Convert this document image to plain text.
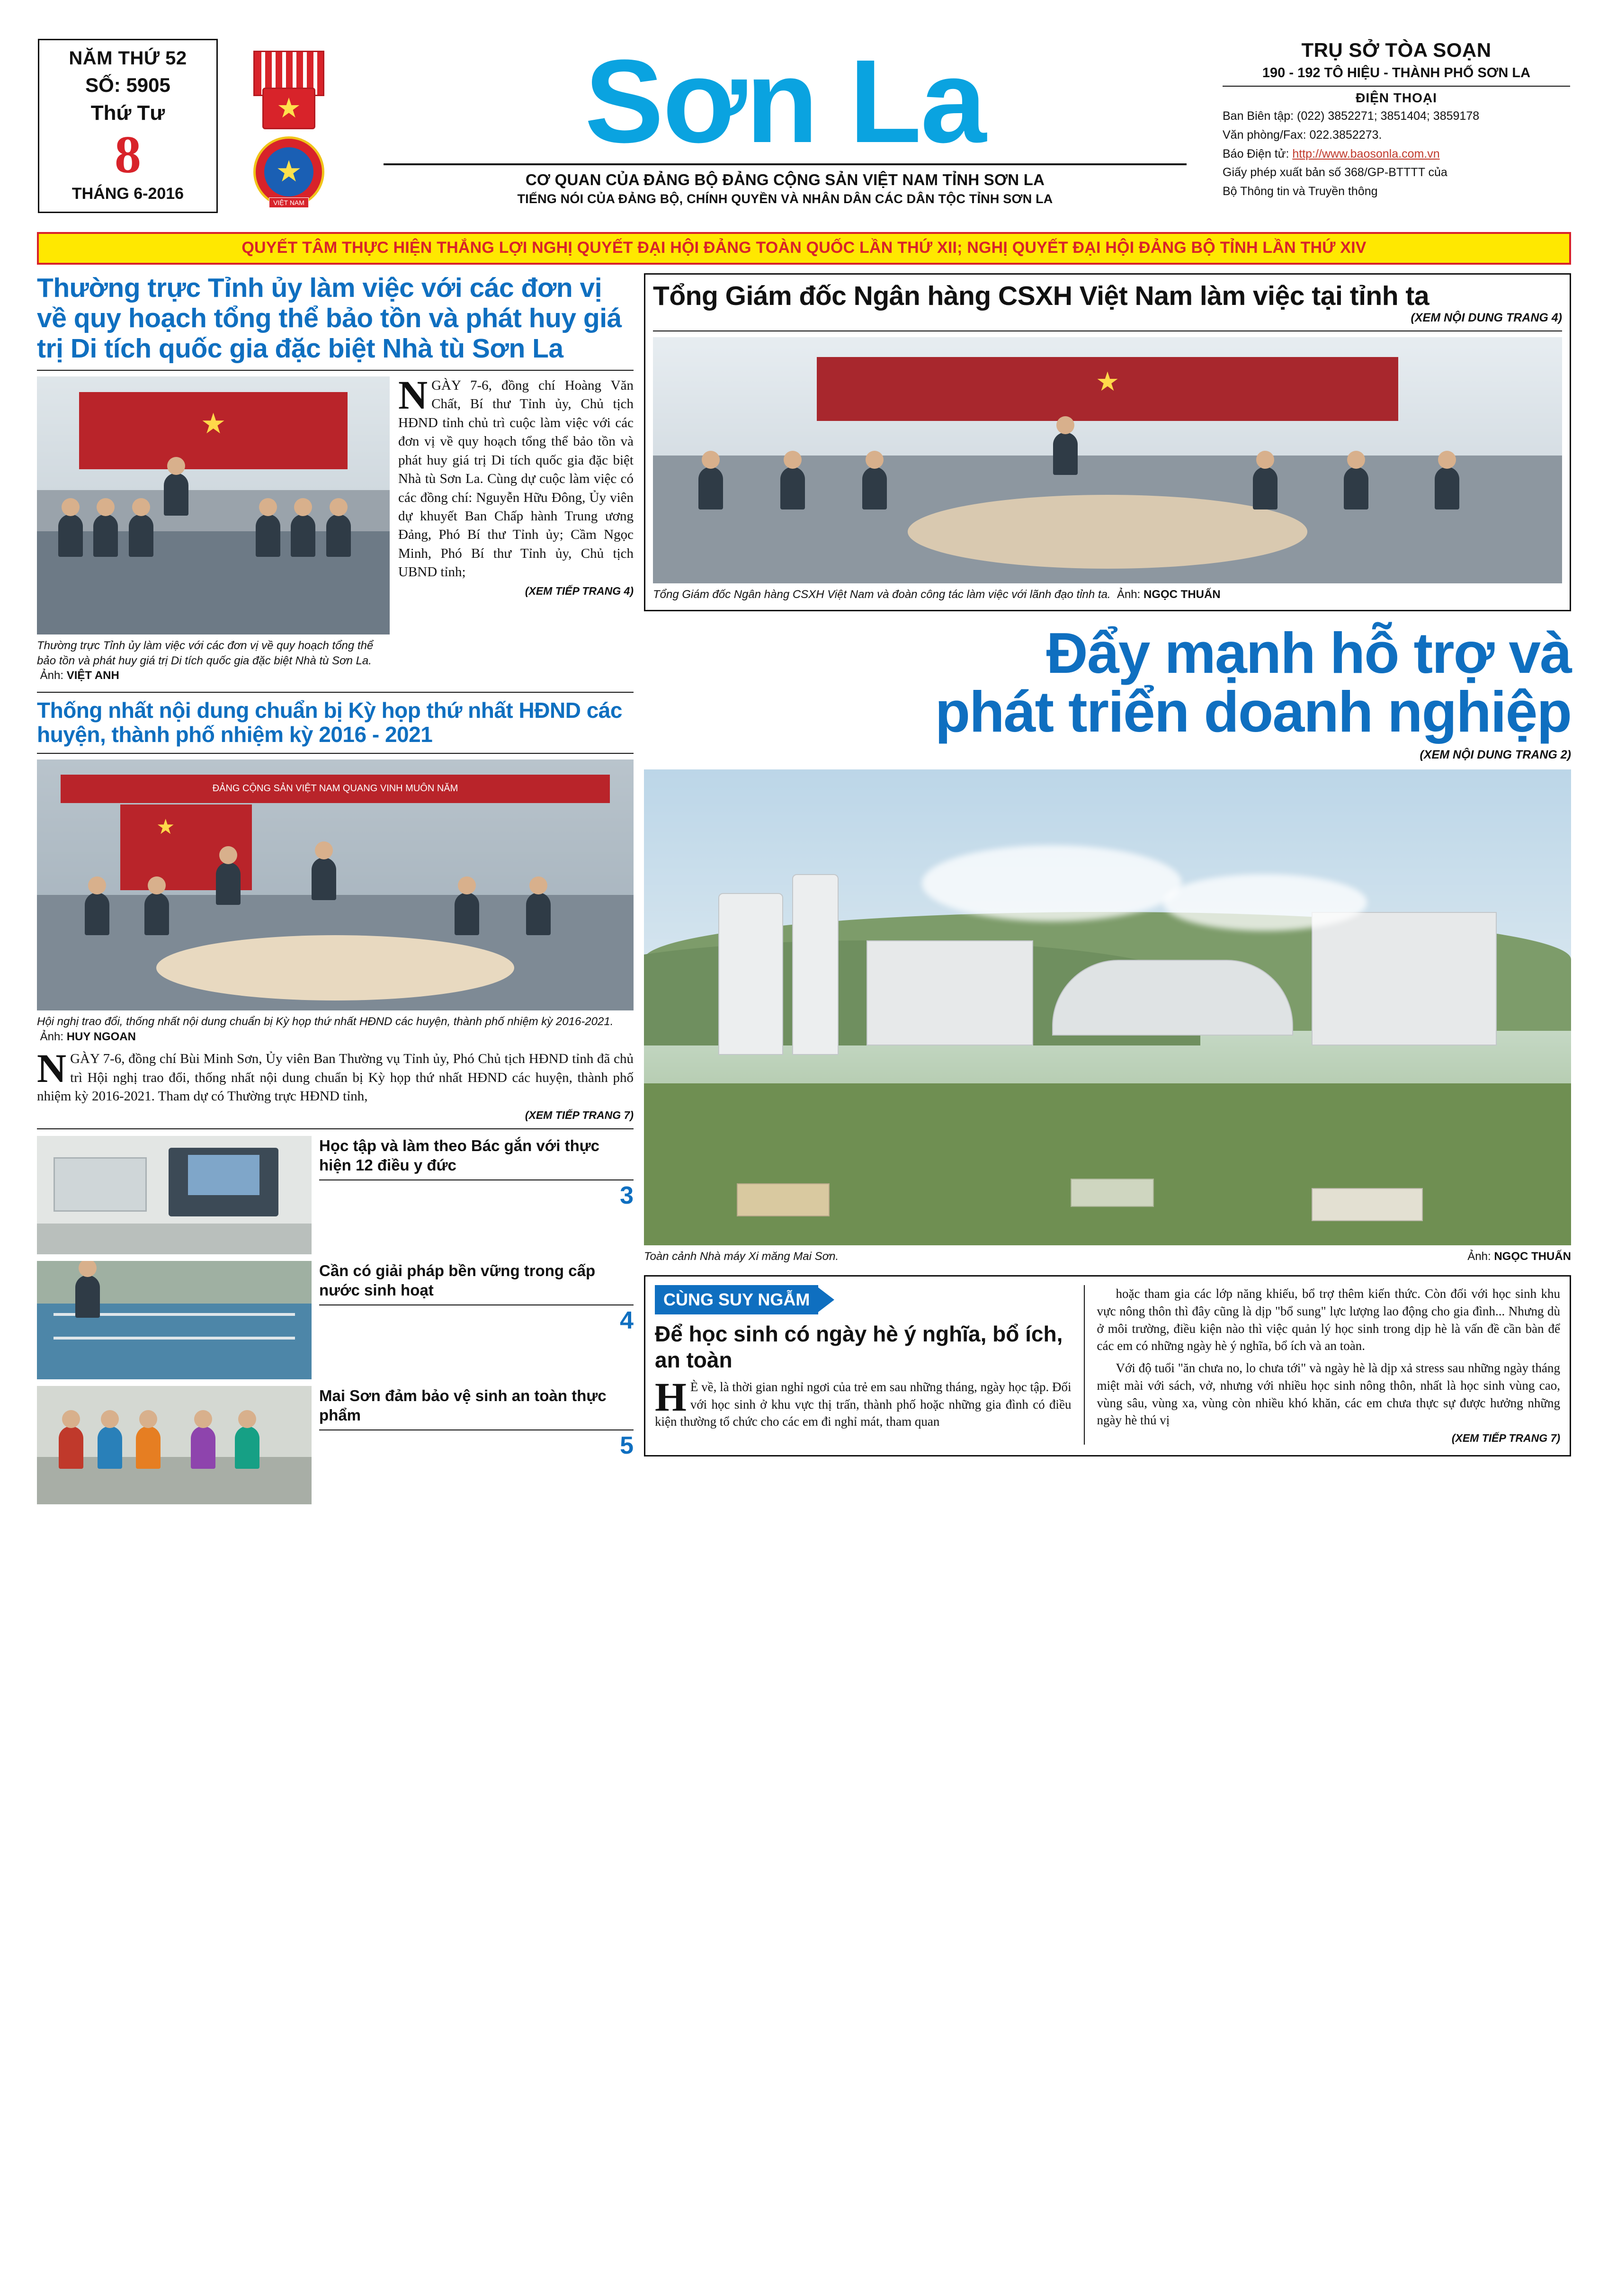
NĂM THỨ 52
SỐ: 5905
Thứ Tư
8
THÁNG 6-2016
★
★	VIỆT NAM
Sơn La
CƠ QUAN CỦA ĐẢNG BỘ ĐẢNG CỘNG SẢN VIỆT NAM TỈNH SƠN LA
TIẾNG NÓI CỦA ĐẢNG BỘ, CHÍNH QUYỀN VÀ NHÂN DÂN CÁC DÂN TỘC TỈNH SƠN LA
TRỤ SỞ TÒA SOẠN
190 - 192 TÔ HIỆU - THÀNH PHỐ SƠN LA
ĐIỆN THOẠI
Ban Biên tập: (022) 3852271; 3851404; 3859178
Văn phòng/Fax: 022.3852273.
Báo Điện tử: http://www.baosonla.com.vn
Giấy phép xuất bản số 368/GP-BTTTT của
Bộ Thông tin và Truyền thông
QUYẾT TÂM THỰC HIỆN THẮNG LỢI NGHỊ QUYẾT ĐẠI HỘI ĐẢNG TOÀN QUỐC LẦN THỨ XII; NGHỊ QUYẾT ĐẠI HỘI ĐẢNG BỘ TỈNH LẦN THỨ XIV
Thường trực Tỉnh ủy làm việc với các đơn vị về quy hoạch tổng thể bảo tồn và phát huy giá trị Di tích quốc gia đặc biệt Nhà tù Sơn La
★
Thường trực Tỉnh ủy làm việc với các đơn vị về quy hoạch tổng thể bảo tồn và phát huy giá trị Di tích quốc gia đặc biệt Nhà tù Sơn La.  Ảnh: VIỆT ANH
NGÀY 7-6, đồng chí Hoàng Văn Chất, Bí thư Tỉnh ủy, Chủ tịch HĐND tỉnh chủ trì cuộc làm việc với các đơn vị về quy hoạch tổng thể bảo tồn và phát huy giá trị Di tích quốc gia đặc biệt Nhà tù Sơn La. Cùng dự cuộc làm việc có các đồng chí: Nguyễn Hữu Đông, Ủy viên dự khuyết Ban Chấp hành Trung ương Đảng, Phó Bí thư Tỉnh ủy; Cầm Ngọc Minh, Phó Bí thư Tỉnh ủy, Chủ tịch UBND tỉnh;
(XEM TIẾP TRANG 4)
Thống nhất nội dung chuẩn bị Kỳ họp thứ nhất HĐND các huyện, thành phố nhiệm kỳ 2016 - 2021
ĐẢNG CỘNG SẢN VIỆT NAM QUANG VINH MUÔN NĂM
★
Hội nghị trao đổi, thống nhất nội dung chuẩn bị Kỳ họp thứ nhất HĐND các huyện, thành phố nhiệm kỳ 2016-2021.  Ảnh: HUY NGOAN
NGÀY 7-6, đồng chí Bùi Minh Sơn, Ủy viên Ban Thường vụ Tỉnh ủy, Phó Chủ tịch HĐND tỉnh đã chủ trì Hội nghị trao đổi, thống nhất nội dung chuẩn bị Kỳ họp thứ nhất HĐND các huyện, thành phố nhiệm kỳ 2016-2021. Tham dự có Thường trực HĐND tỉnh,
(XEM TIẾP TRANG 7)
Học tập và làm theo Bác gắn với thực hiện 12 điều y đức
3
Cần có giải pháp bền vững trong cấp nước sinh hoạt
4
Mai Sơn đảm bảo vệ sinh an toàn thực phẩm
5
Tổng Giám đốc Ngân hàng CSXH Việt Nam làm việc tại tỉnh ta
(XEM NỘI DUNG TRANG 4)
★
Tổng Giám đốc Ngân hàng CSXH Việt Nam và đoàn công tác làm việc với lãnh đạo tỉnh ta. Ảnh: NGỌC THUẤN
Đẩy mạnh hỗ trợ và
phát triển doanh nghiệp
(XEM NỘI DUNG TRANG 2)
Toàn cảnh Nhà máy Xi măng Mai Sơn.	Ảnh: NGỌC THUẤN
CÙNG SUY NGẪM
Để học sinh có ngày hè ý nghĩa, bổ ích, an toàn
HÈ về, là thời gian nghỉ ngơi của trẻ em sau những tháng, ngày học tập. Đối với học sinh ở khu vực thị trấn, thành phố hoặc những gia đình có điều kiện thường tổ chức cho các em đi nghỉ mát, tham quan
hoặc tham gia các lớp năng khiếu, bổ trợ thêm kiến thức. Còn đối với học sinh khu vực nông thôn thì đây cũng là dịp "bổ sung" lực lượng lao động cho gia đình... Nhưng dù ở môi trường, điều kiện nào thì việc quản lý học sinh trong dịp hè là vấn đề cần bàn để các em có những ngày hè ý nghĩa, bổ ích và an toàn.
Với độ tuổi "ăn chưa no, lo chưa tới" và ngày hè là dịp xả stress sau những ngày tháng miệt mài với sách, vở, nhưng với nhiều học sinh nông thôn, nhất là học sinh vùng cao, vùng sâu, vùng xa, vùng còn nhiều khó khăn, các em chưa thực sự được hưởng những ngày hè thú vị
(XEM TIẾP TRANG 7)
